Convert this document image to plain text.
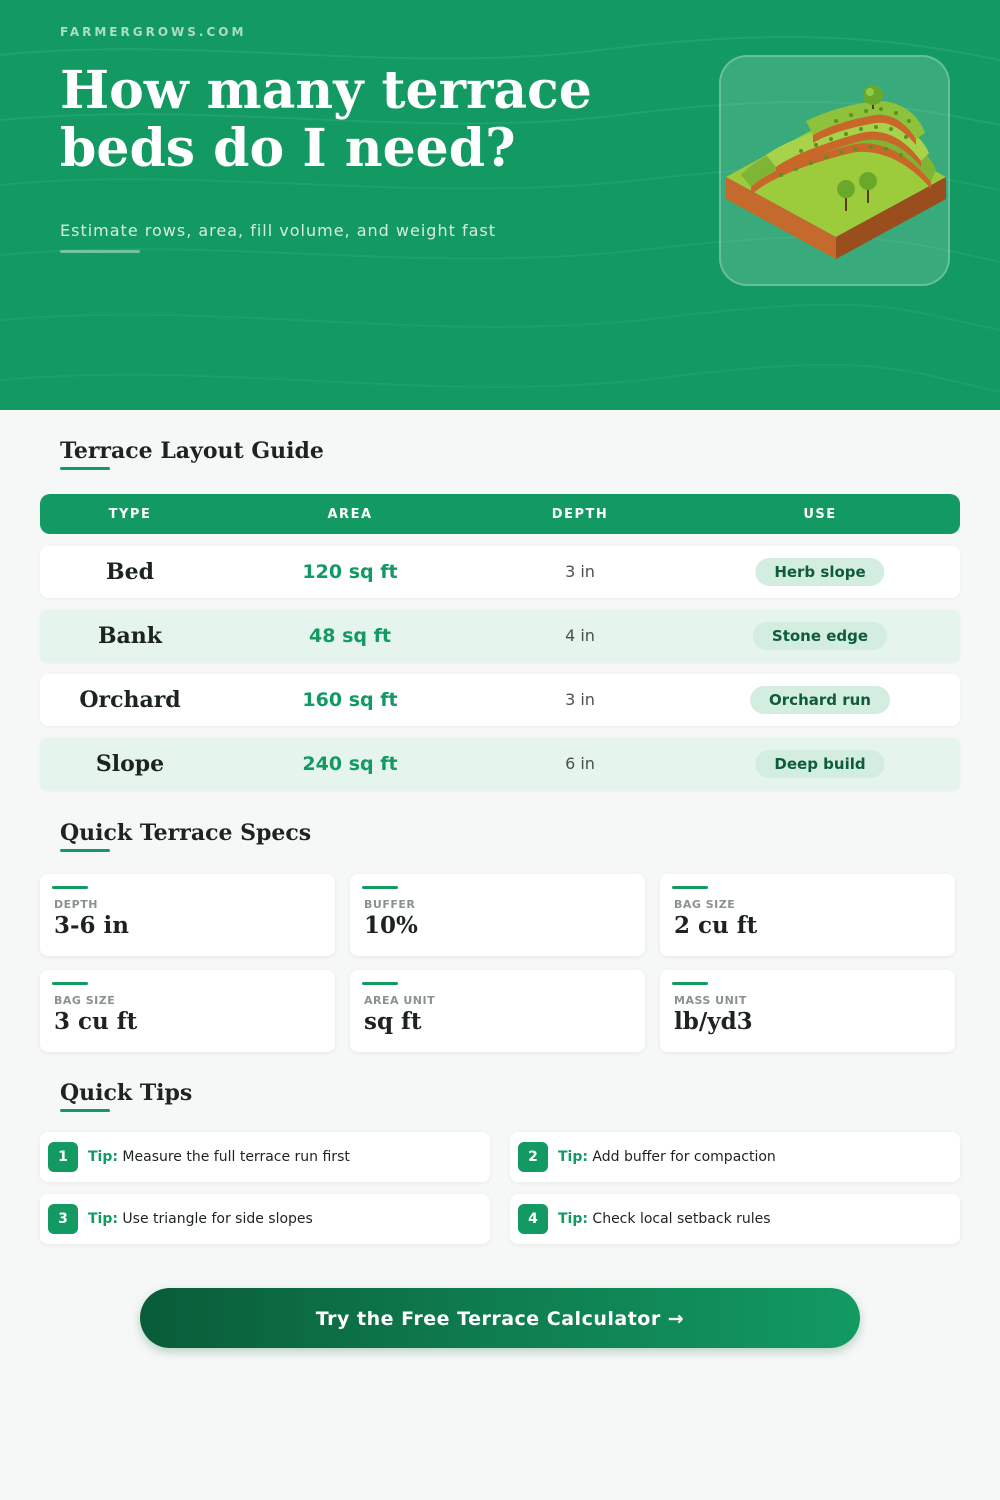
FARMERGROWS.COM
How many terrace
beds do I need?
Estimate rows, area, fill volume, and weight fast
Terrace Layout Guide
TYPE	AREA	DEPTH	USE
Bed	120 sq ft	3 in	Herb slope
Bank	48 sq ft	4 in	Stone edge
Orchard	160 sq ft	3 in	Orchard run
Slope	240 sq ft	6 in	Deep build
Quick Terrace Specs
DEPTH
3-6 in
BUFFER
10%
BAG SIZE
2 cu ft
BAG SIZE
3 cu ft
AREA UNIT
sq ft
MASS UNIT
lb/yd3
Quick Tips
1	Tip: Measure the full terrace run first	2	Tip: Add buffer for compaction
3	Tip: Use triangle for side slopes	4	Tip: Check local setback rules
Try the Free Terrace Calculator →
